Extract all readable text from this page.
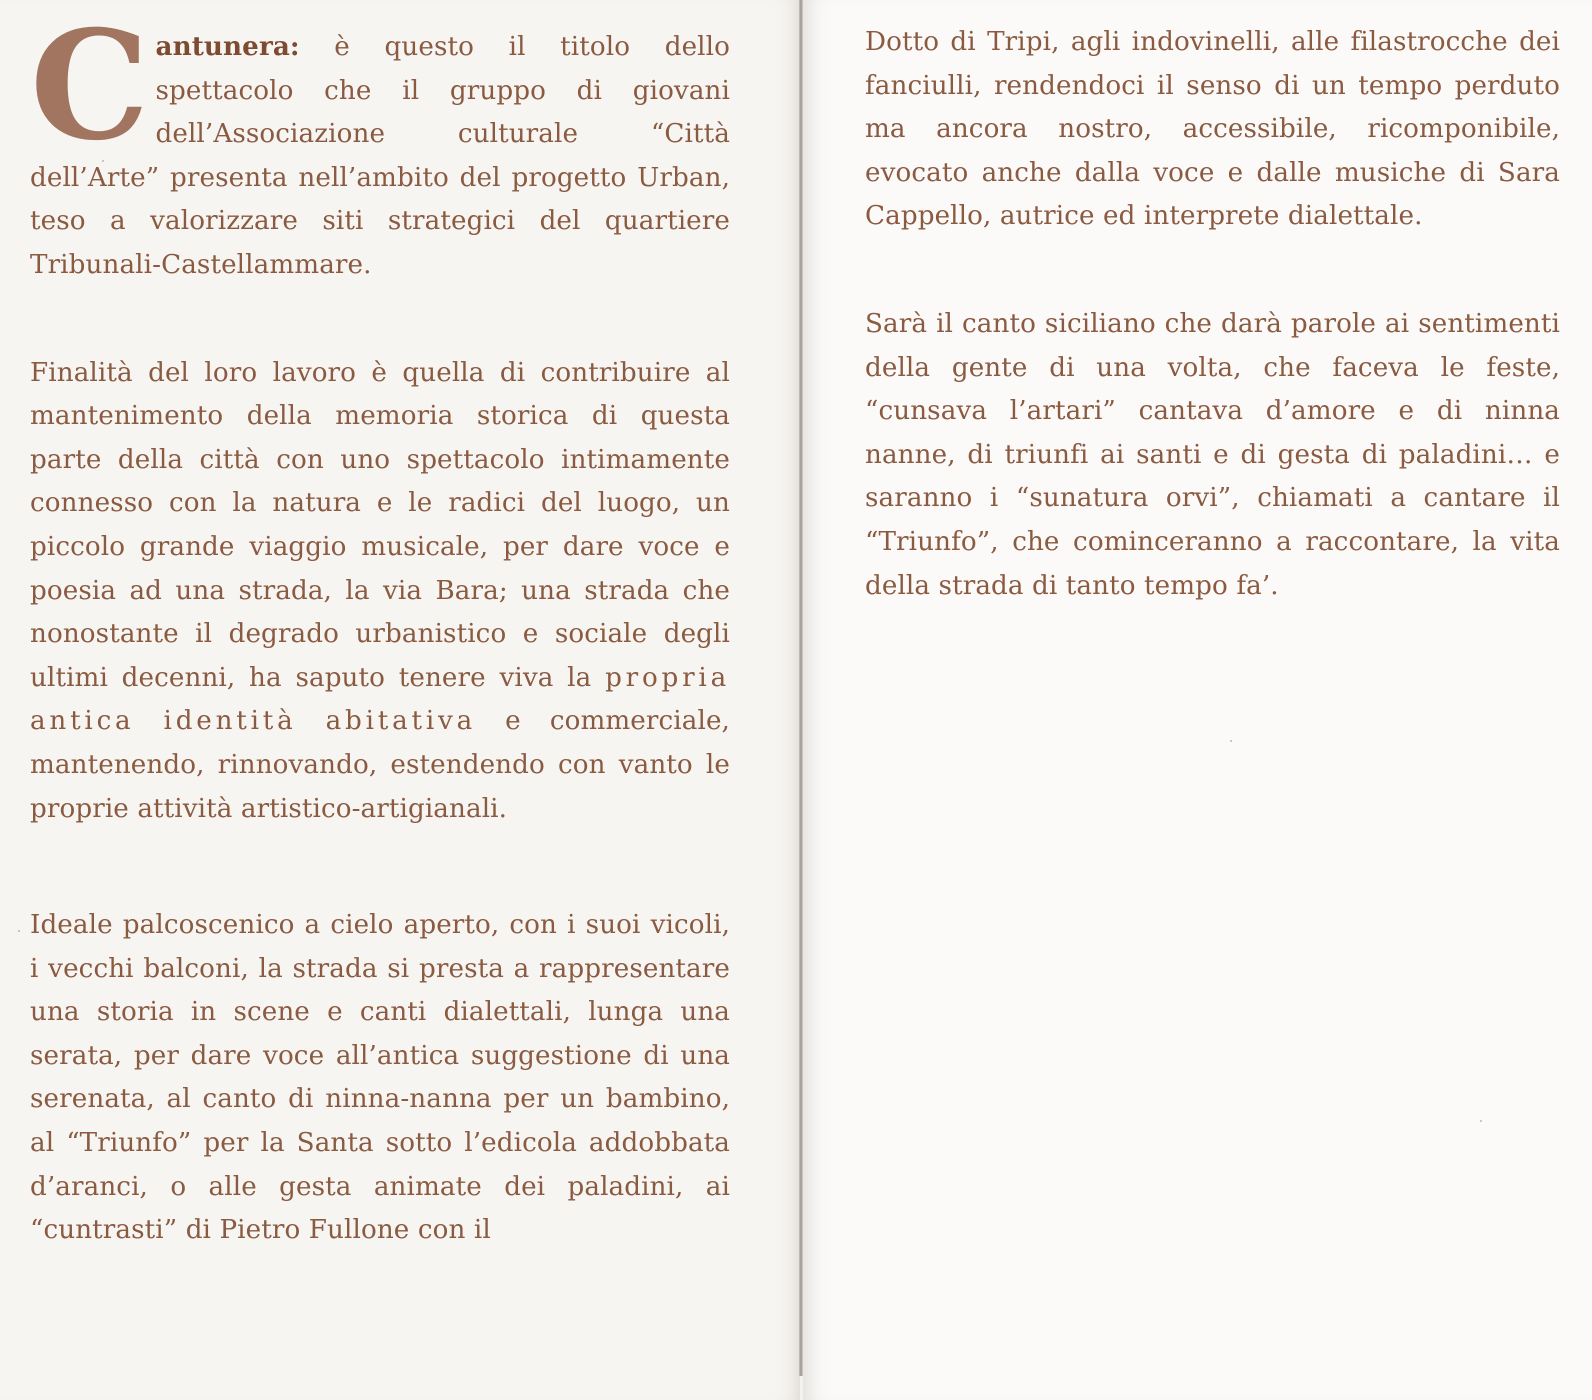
C antunera: è questo il titolo dello spettacolo che il gruppo di giovani dell’Associazione culturale “Città dell’Arte” presenta nell’ambito del progetto Urban, teso a valorizzare siti strategici del quartiere Tribunali-Castellammare.

Finalità del loro lavoro è quella di contribuire al mantenimento della memoria storica di questa parte della città con uno spettacolo intimamente connesso con la natura e le radici del luogo, un piccolo grande viaggio musicale, per dare voce e poesia ad una strada, la via Bara; una strada che nonostante il degrado urbanistico e sociale degli ultimi decenni, ha saputo tenere viva la propria antica identità abitativa e commerciale, mantenendo, rinnovando, estendendo con vanto le proprie attività artistico-artigianali.

Ideale palcoscenico a cielo aperto, con i suoi vicoli, i vecchi balconi, la strada si presta a rappresentare una storia in scene e canti dialettali, lunga una serata, per dare voce all’antica suggestione di una serenata, al canto di ninna-nanna per un bambino, al “Triunfo” per la Santa sotto l’edicola addobbata d’aranci, o alle gesta animate dei paladini, ai “cuntrasti” di Pietro Fullone con il

Dotto di Tripi, agli indovinelli, alle filastrocche dei fanciulli, rendendoci il senso di un tempo perduto ma ancora nostro, accessibile, ricomponibile, evocato anche dalla voce e dalle musiche di Sara Cappello, autrice ed interprete dialettale.

Sarà il canto siciliano che darà parole ai sentimenti della gente di una volta, che faceva le feste, “cunsava l’artari” cantava d’amore e di ninna nanne, di triunfi ai santi e di gesta di paladini… e saranno i “sunatura orvi”, chiamati a cantare il “Triunfo”, che cominceranno a raccontare, la vita della strada di tanto tempo fa’.
